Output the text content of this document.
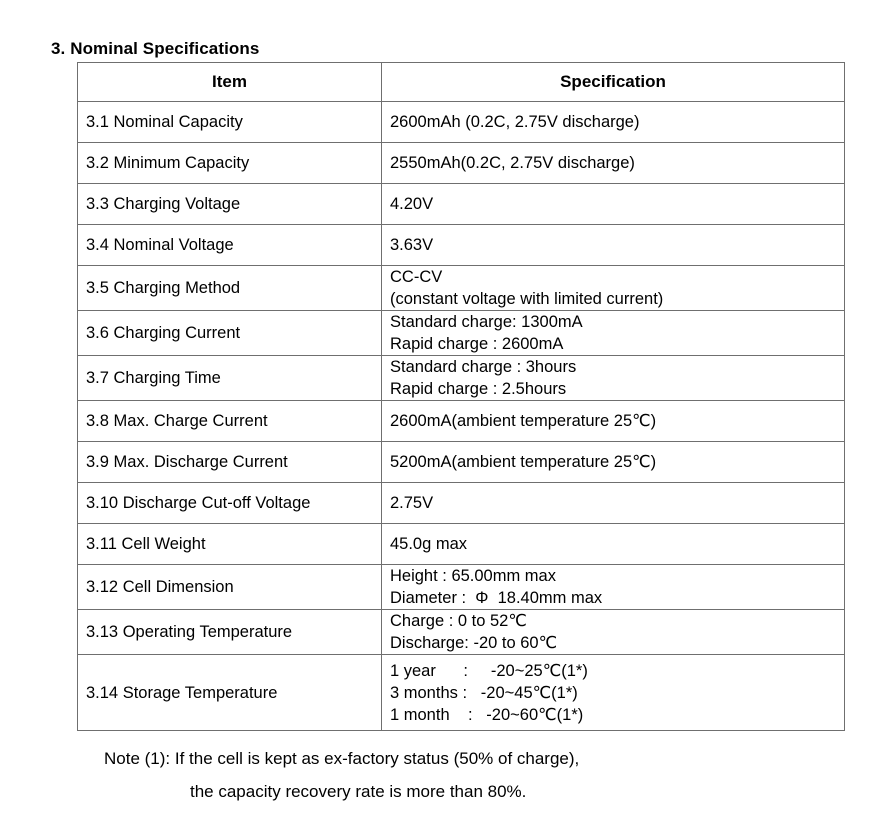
3. Nominal Specifications
Item	Specification
3.1 Nominal Capacity	2600mAh (0.2C, 2.75V discharge)

3.2 Minimum Capacity	2550mAh(0.2C, 2.75V discharge)

3.3 Charging Voltage	4.20V

3.4 Nominal Voltage	3.63V

3.5 Charging Method	CC-CV
(constant voltage with limited current)

3.6 Charging Current	Standard charge: 1300mA
Rapid charge : 2600mA

3.7 Charging Time	Standard charge : 3hours
Rapid charge : 2.5hours

3.8 Max. Charge Current	2600mA(ambient temperature 25℃)

3.9 Max. Discharge Current	5200mA(ambient temperature 25℃)

3.10 Discharge Cut-off Voltage	2.75V

3.11 Cell Weight	45.0g max

3.12 Cell Dimension	Height : 65.00mm max
Diameter :  Φ  18.40mm max

3.13 Operating Temperature	Charge : 0 to 52℃
Discharge: -20 to 60℃

3.14 Storage Temperature	1 year      :     -20~25℃(1*)
3 months :   -20~45℃(1*)
1 month    :   -20~60℃(1*)
Note (1): If the cell is kept as ex-factory status (50% of charge),
the capacity recovery rate is more than 80%.
